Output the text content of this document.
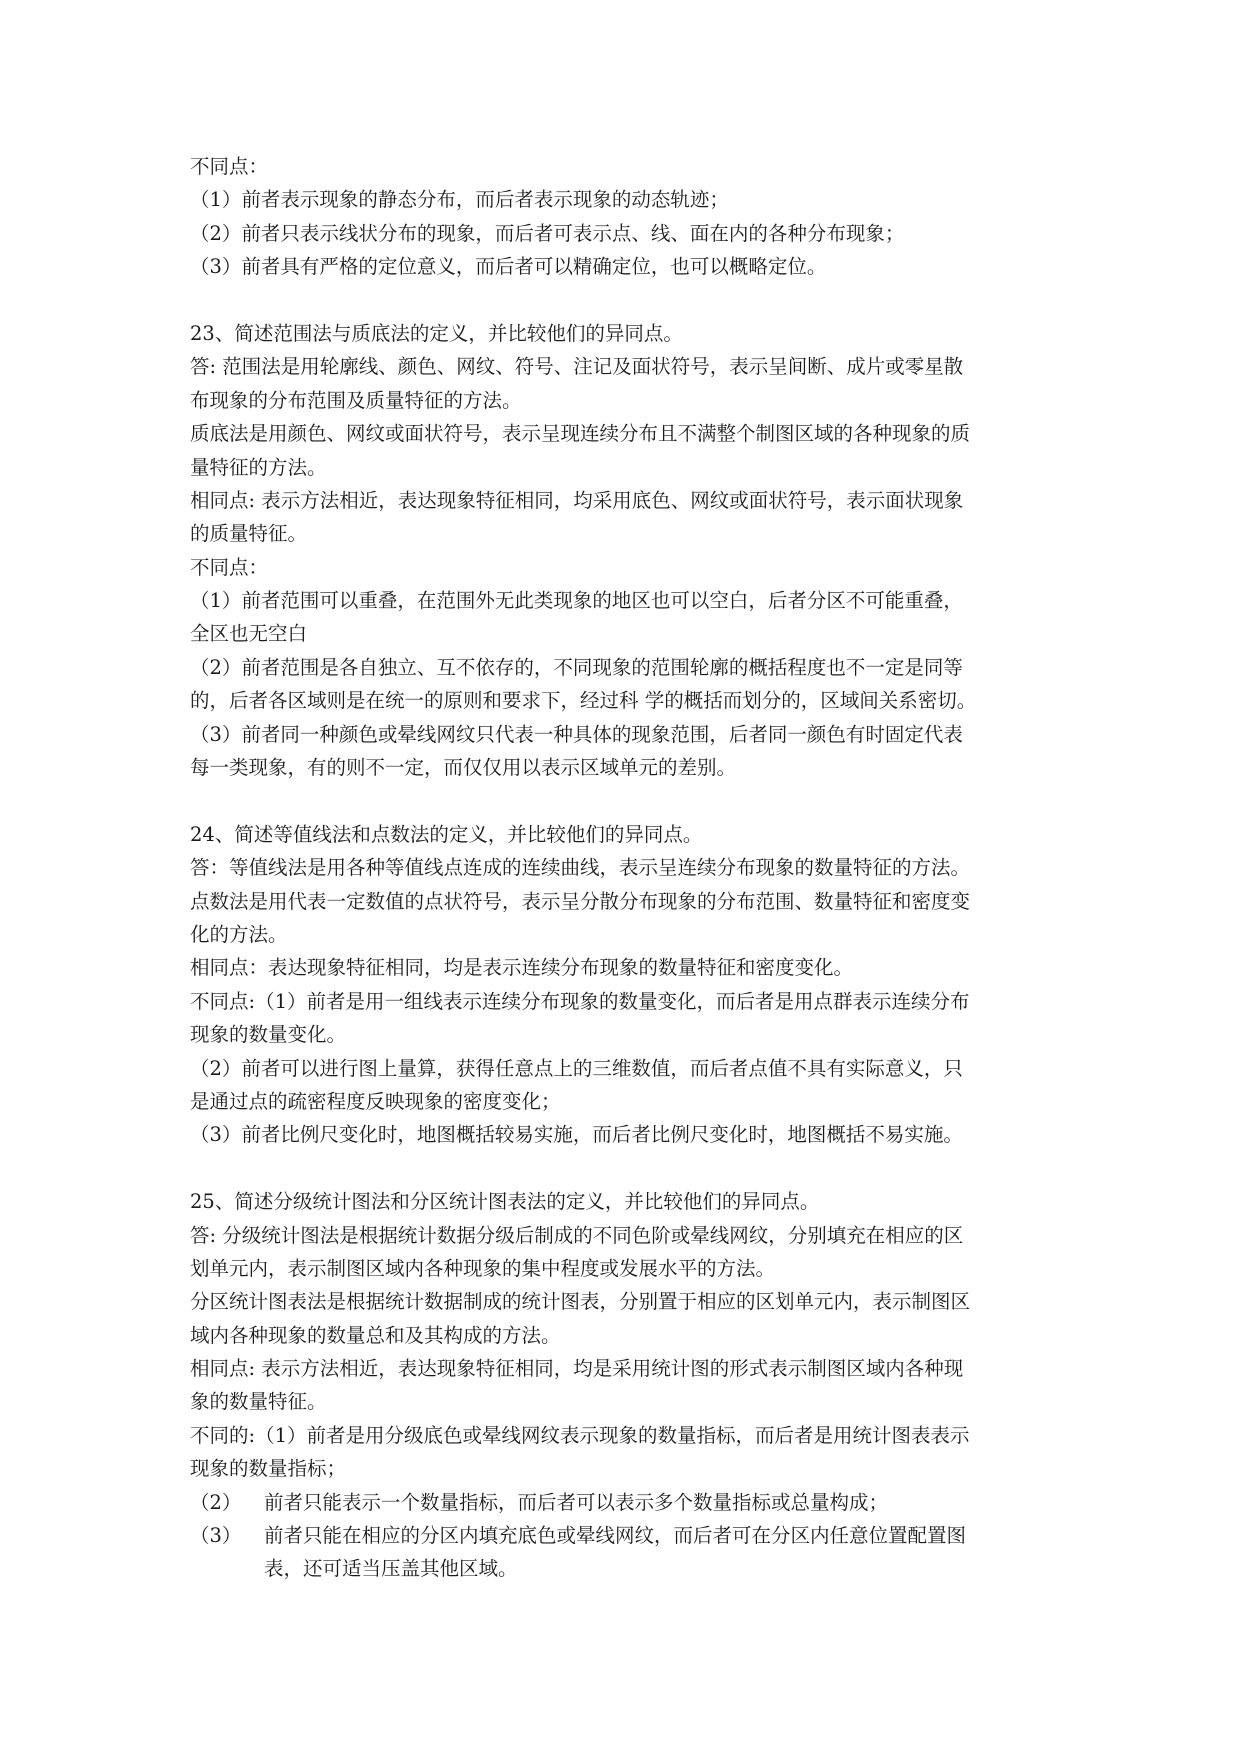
不同点：
（1）前者表示现象的静态分布，而后者表示现象的动态轨迹；
（2）前者只表示线状分布的现象，而后者可表示点、线、面在内的各种分布现象；
（3）前者具有严格的定位意义，而后者可以精确定位，也可以概略定位。
23、简述范围法与质底法的定义，并比较他们的异同点。
答: 范围法是用轮廓线、颜色、网纹、符号、注记及面状符号，表示呈间断、成片或零星散
布现象的分布范围及质量特征的方法。
质底法是用颜色、网纹或面状符号，表示呈现连续分布且不满整个制图区域的各种现象的质
量特征的方法。
相同点: 表示方法相近，表达现象特征相同，均采用底色、网纹或面状符号，表示面状现象
的质量特征。
不同点：
（1）前者范围可以重叠，在范围外无此类现象的地区也可以空白，后者分区不可能重叠，
全区也无空白
（2）前者范围是各自独立、互不依存的，不同现象的范围轮廓的概括程度也不一定是同等
的，后者各区域则是在统一的原则和要求下，经过科 学的概括而划分的，区域间关系密切。
（3）前者同一种颜色或晕线网纹只代表一种具体的现象范围，后者同一颜色有时固定代表
每一类现象，有的则不一定，而仅仅用以表示区域单元的差别。
24、简述等值线法和点数法的定义，并比较他们的异同点。
答：等值线法是用各种等值线点连成的连续曲线，表示呈连续分布现象的数量特征的方法。
点数法是用代表一定数值的点状符号，表示呈分散分布现象的分布范围、数量特征和密度变
化的方法。
相同点：表达现象特征相同，均是表示连续分布现象的数量特征和密度变化。
不同点:（1）前者是用一组线表示连续分布现象的数量变化，而后者是用点群表示连续分布
现象的数量变化。
（2）前者可以进行图上量算，获得任意点上的三维数值，而后者点值不具有实际意义，只
是通过点的疏密程度反映现象的密度变化；
（3）前者比例尺变化时，地图概括较易实施，而后者比例尺变化时，地图概括不易实施。
25、简述分级统计图法和分区统计图表法的定义，并比较他们的异同点。
答: 分级统计图法是根据统计数据分级后制成的不同色阶或晕线网纹，分别填充在相应的区
划单元内，表示制图区域内各种现象的集中程度或发展水平的方法。
分区统计图表法是根据统计数据制成的统计图表，分别置于相应的区划单元内，表示制图区
域内各种现象的数量总和及其构成的方法。
相同点: 表示方法相近，表达现象特征相同，均是采用统计图的形式表示制图区域内各种现
象的数量特征。
不同的:（1）前者是用分级底色或晕线网纹表示现象的数量指标，而后者是用统计图表表示
现象的数量指标；
（2）	前者只能表示一个数量指标，而后者可以表示多个数量指标或总量构成；
（3）	前者只能在相应的分区内填充底色或晕线网纹，而后者可在分区内任意位置配置图
表，还可适当压盖其他区域。
